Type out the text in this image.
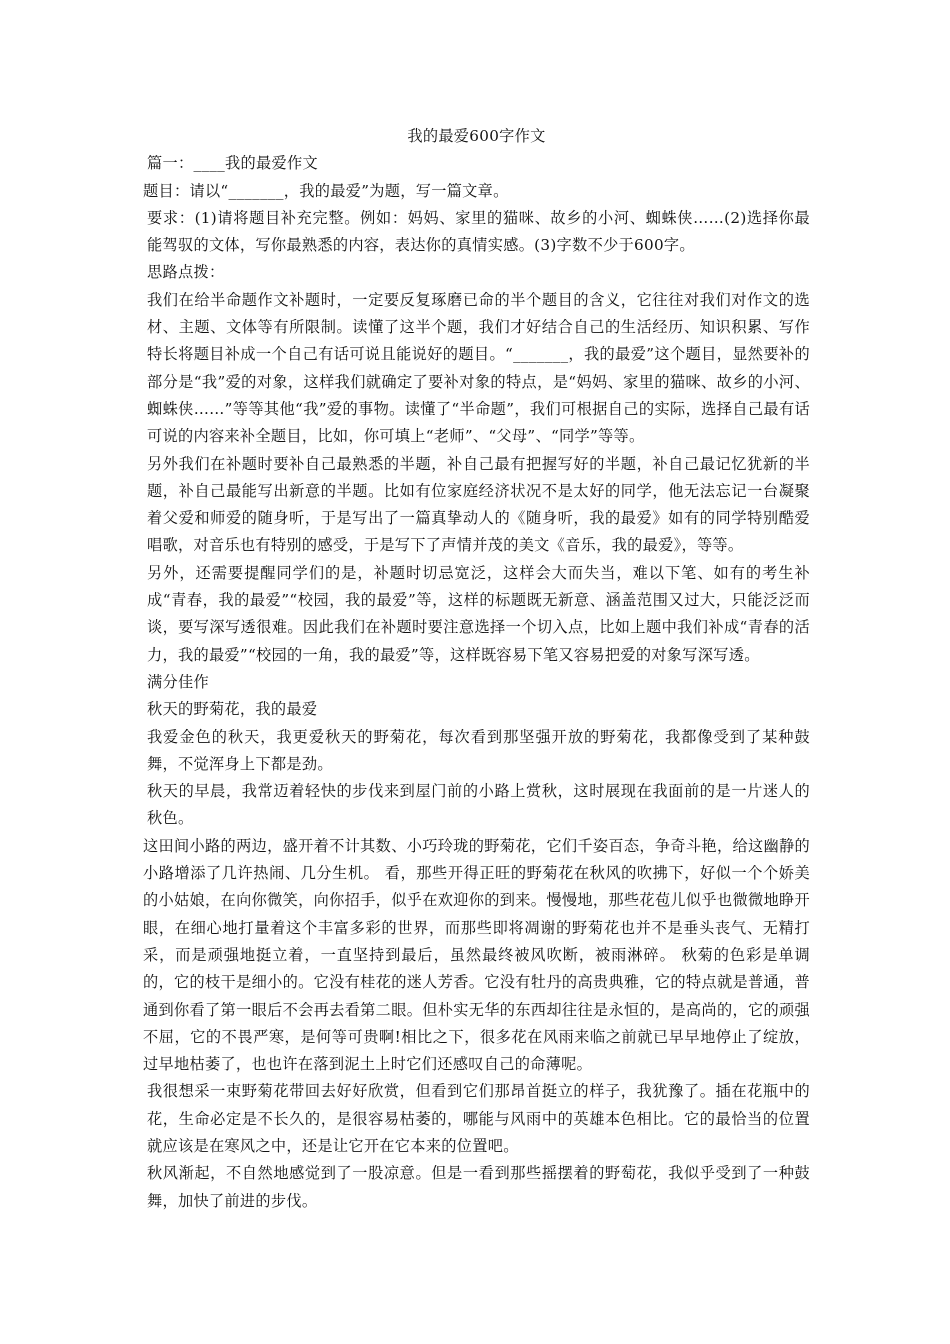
我的最爱600字作文

篇一：____我的最爱作文

题目：请以“_______，我的最爱”为题，写一篇文章。

要求：(1)请将题目补充完整。例如：妈妈、家里的猫咪、故乡的小河、蜘蛛侠……(2)选择你最能驾驭的文体，写你最熟悉的内容，表达你的真情实感。(3)字数不少于600字。

思路点拨：

我们在给半命题作文补题时，一定要反复琢磨已命的半个题目的含义，它往往对我们对作文的选材、主题、文体等有所限制。读懂了这半个题，我们才好结合自己的生活经历、知识积累、写作特长将题目补成一个自己有话可说且能说好的题目。“_______，我的最爱”这个题目，显然要补的部分是“我”爱的对象，这样我们就确定了要补对象的特点，是“妈妈、家里的猫咪、故乡的小河、蜘蛛侠……”等等其他“我”爱的事物。读懂了“半命题”，我们可根据自己的实际，选择自己最有话可说的内容来补全题目，比如，你可填上“老师”、“父母”、“同学”等等。

另外我们在补题时要补自己最熟悉的半题，补自己最有把握写好的半题，补自己最记忆犹新的半题，补自己最能写出新意的半题。比如有位家庭经济状况不是太好的同学，他无法忘记一台凝聚着父爱和师爱的随身听，于是写出了一篇真挚动人的《随身听，我的最爱》如有的同学特别酷爱唱歌，对音乐也有特别的感受，于是写下了声情并茂的美文《音乐，我的最爱》，等等。

另外，还需要提醒同学们的是，补题时切忌宽泛，这样会大而失当，难以下笔、如有的考生补成“青春，我的最爱”“校园，我的最爱”等，这样的标题既无新意、涵盖范围又过大，只能泛泛而谈，要写深写透很难。因此我们在补题时要注意选择一个切入点，比如上题中我们补成“青春的活力，我的最爱”“校园的一角，我的最爱”等，这样既容易下笔又容易把爱的对象写深写透。

满分佳作

秋天的野菊花，我的最爱

我爱金色的秋天，我更爱秋天的野菊花，每次看到那坚强开放的野菊花，我都像受到了某种鼓舞，不觉浑身上下都是劲。

秋天的早晨，我常迈着轻快的步伐来到屋门前的小路上赏秋，这时展现在我面前的是一片迷人的秋色。

这田间小路的两边，盛开着不计其数、小巧玲珑的野菊花，它们千姿百态，争奇斗艳，给这幽静的小路增添了几许热闹、几分生机。 看，那些开得正旺的野菊花在秋风的吹拂下，好似一个个娇美的小姑娘，在向你微笑，向你招手，似乎在欢迎你的到来。慢慢地，那些花苞儿似乎也微微地睁开眼，在细心地打量着这个丰富多彩的世界，而那些即将凋谢的野菊花也并不是垂头丧气、无精打采，而是顽强地挺立着，一直坚持到最后，虽然最终被风吹断，被雨淋碎。 秋菊的色彩是单调的，它的枝干是细小的。它没有桂花的迷人芳香。它没有牡丹的高贵典雅，它的特点就是普通，普通到你看了第一眼后不会再去看第二眼。但朴实无华的东西却往往是永恒的，是高尚的，它的顽强不屈，它的不畏严寒，是何等可贵啊!相比之下，很多花在风雨来临之前就已早早地停止了绽放，过早地枯萎了，也也许在落到泥土上时它们还感叹自己的命薄呢。

我很想采一束野菊花带回去好好欣赏，但看到它们那昂首挺立的样子，我犹豫了。插在花瓶中的花，生命必定是不长久的，是很容易枯萎的，哪能与风雨中的英雄本色相比。它的最恰当的位置就应该是在寒风之中，还是让它开在它本来的位置吧。

秋风渐起，不自然地感觉到了一股凉意。但是一看到那些摇摆着的野萄花，我似乎受到了一种鼓舞，加快了前进的步伐。
